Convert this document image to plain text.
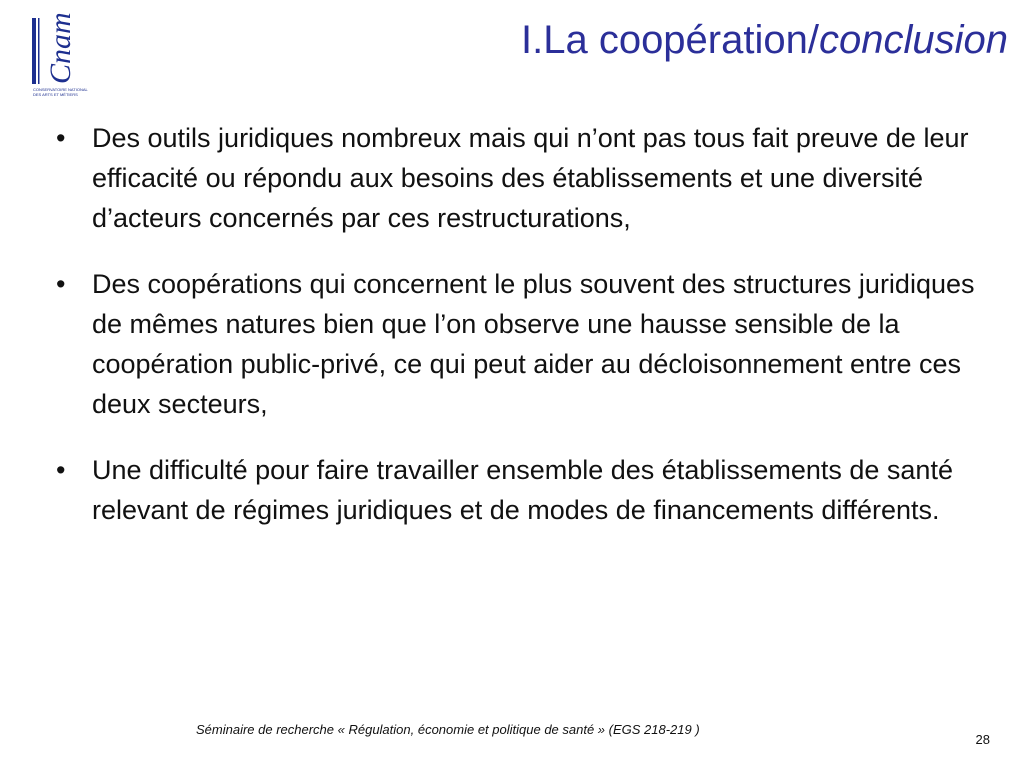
Cnam
CONSERVATOIRE NATIONAL
DES ARTS ET MÉTIERS
I.La coopération/conclusion
• Des outils juridiques nombreux mais qui n’ont pas tous fait preuve de leur efficacité ou répondu aux besoins des établissements et une diversité d’acteurs concernés par ces restructurations,
• Des coopérations qui concernent le plus souvent des structures juridiques de mêmes natures bien que l’on observe une hausse sensible de la coopération public-privé, ce qui peut aider au décloisonnement entre ces deux secteurs,
• Une difficulté pour faire travailler ensemble des établissements de santé relevant de régimes juridiques et de modes de financements différents.
Séminaire de recherche « Régulation, économie et politique de santé » (EGS 218-219 )
28
